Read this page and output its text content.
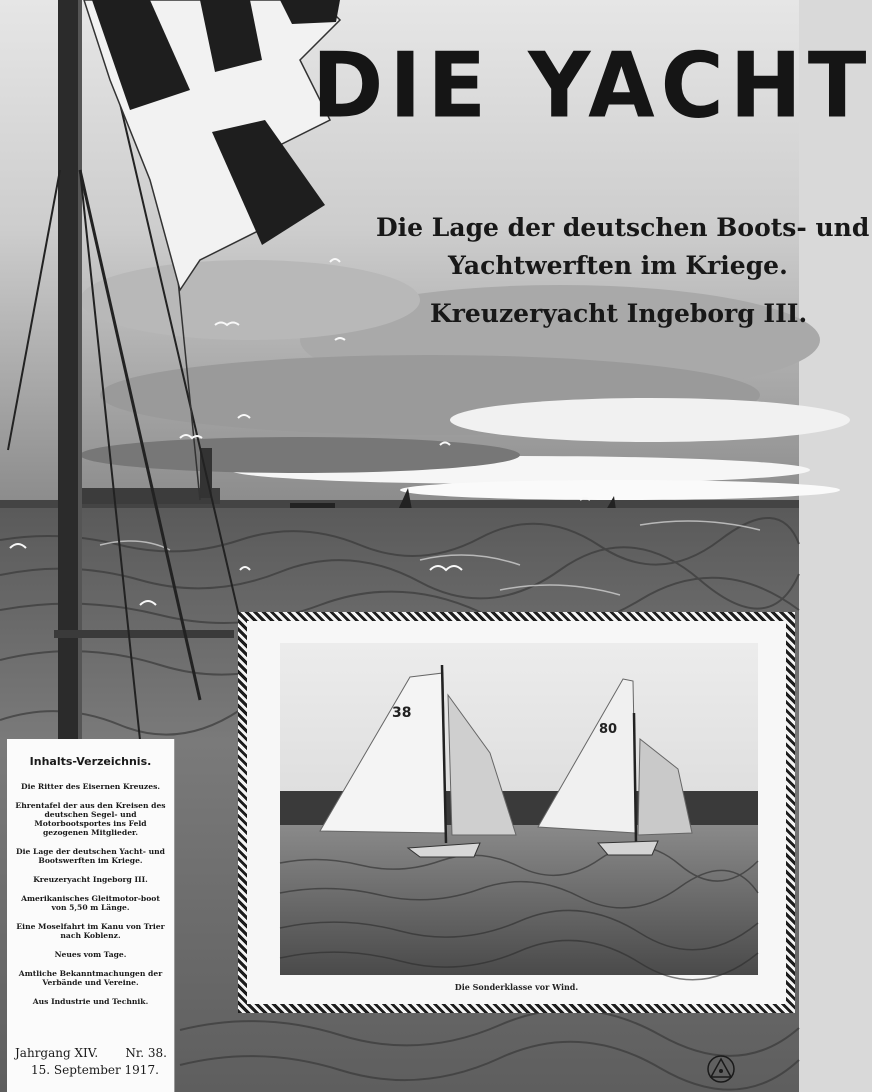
DIE YACHT
Die Lage der deutschen Boots- und
Yachtwerften im Kriege.
Kreuzeryacht Ingeborg III.
38
80
Die Sonderklasse vor Wind.
Inhalts-Verzeichnis.
Die Ritter des Eisernen Kreuzes.
Ehrentafel der aus den Kreisen des deutschen Segel- und Motorbootsportes ins Feld gezogenen Mitglieder.
Die Lage der deutschen Yacht- und Bootswerften im Kriege.
Kreuzeryacht Ingeborg III.
Amerikanisches Gleitmotor-boot von 5,50 m Länge.
Eine Moselfahrt im Kanu von Trier nach Koblenz.
Neues vom Tage.
Amtliche Bekanntmachungen der Verbände und Vereine.
Aus Industrie und Technik.
Jahrgang XIV. Nr. 38.
15. September 1917.
